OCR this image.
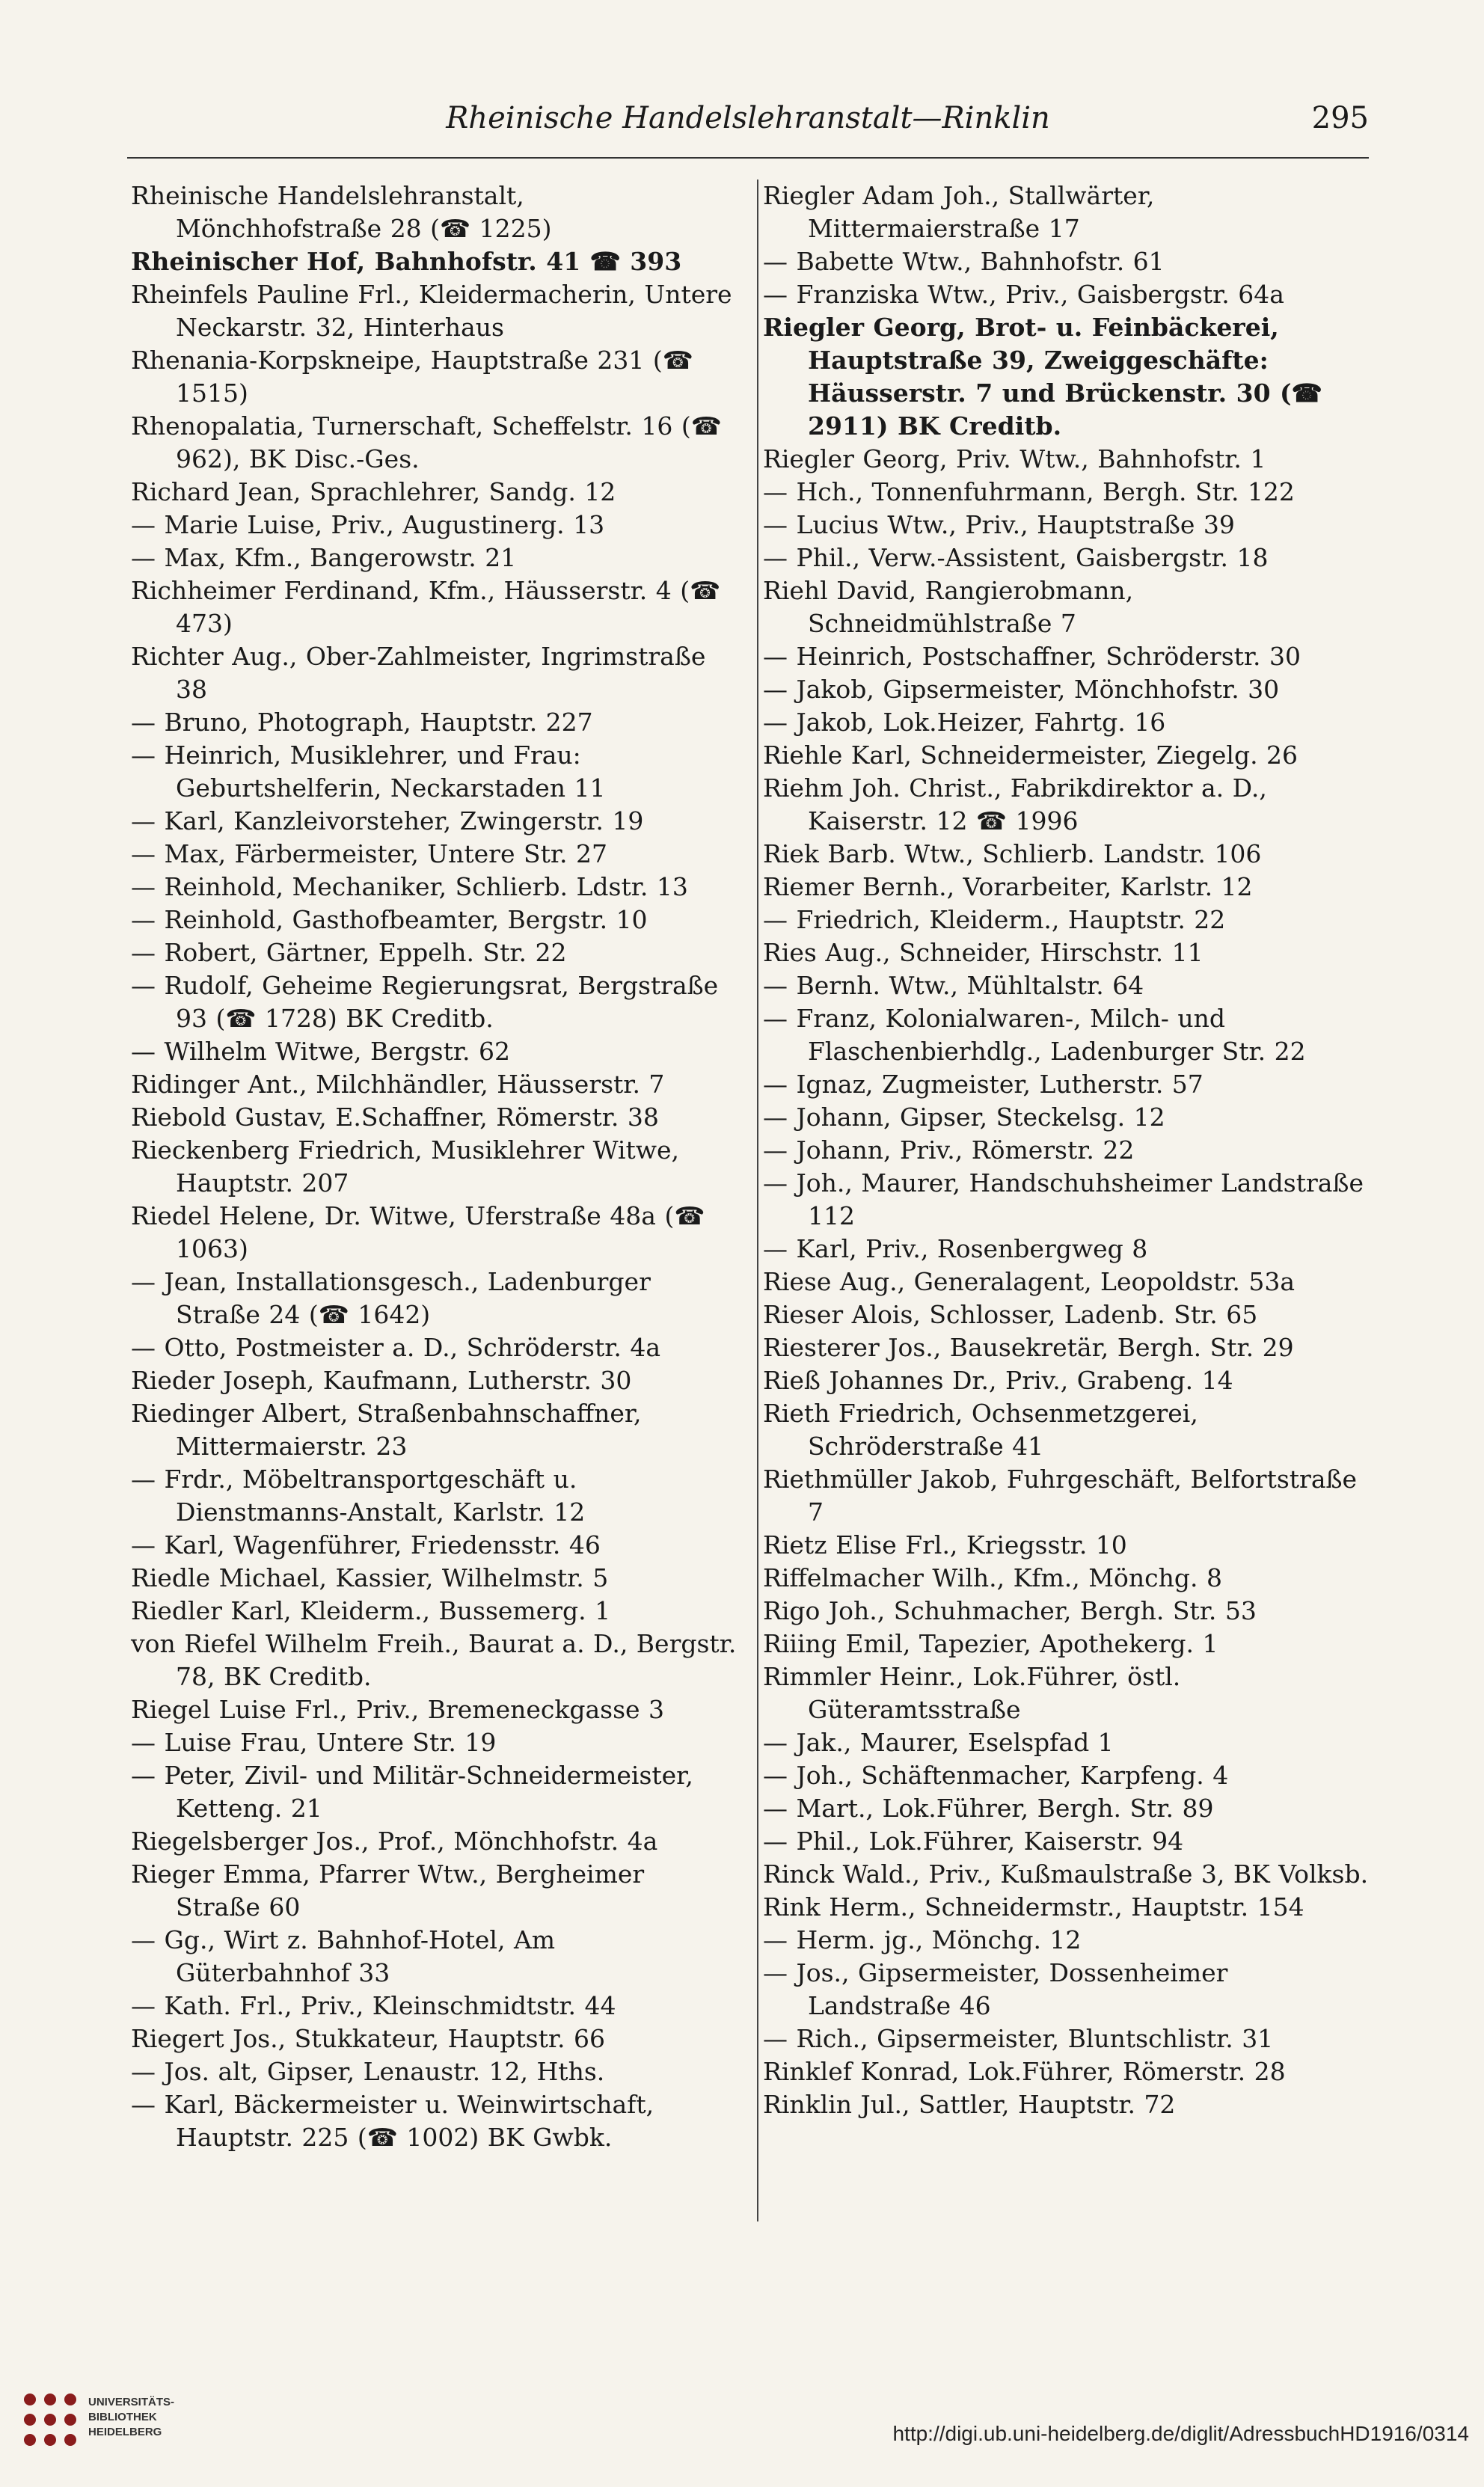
Rheinische Handelslehranstalt—Rinklin	295
Rheinische Handelslehranstalt, Mönchhofstraße 28 (☎ 1225)
Rheinischer Hof, Bahnhofstr. 41 ☎ 393
Rheinfels Pauline Frl., Kleidermacherin, Untere Neckarstr. 32, Hinterhaus
Rhenania-Korpskneipe, Hauptstraße 231 (☎ 1515)
Rhenopalatia, Turnerschaft, Scheffelstr. 16 (☎ 962), BK Disc.-Ges.
Richard Jean, Sprachlehrer, Sandg. 12
— Marie Luise, Priv., Augustinerg. 13
— Max, Kfm., Bangerowstr. 21
Richheimer Ferdinand, Kfm., Häusserstr. 4 (☎ 473)
Richter Aug., Ober-Zahlmeister, Ingrimstraße 38
— Bruno, Photograph, Hauptstr. 227
— Heinrich, Musiklehrer, und Frau: Geburtshelferin, Neckarstaden 11
— Karl, Kanzleivorsteher, Zwingerstr. 19
— Max, Färbermeister, Untere Str. 27
— Reinhold, Mechaniker, Schlierb. Ldstr. 13
— Reinhold, Gasthofbeamter, Bergstr. 10
— Robert, Gärtner, Eppelh. Str. 22
— Rudolf, Geheime Regierungsrat, Bergstraße 93 (☎ 1728) BK Creditb.
— Wilhelm Witwe, Bergstr. 62
Ridinger Ant., Milchhändler, Häusserstr. 7
Riebold Gustav, E.Schaffner, Römerstr. 38
Rieckenberg Friedrich, Musiklehrer Witwe, Hauptstr. 207
Riedel Helene, Dr. Witwe, Uferstraße 48a (☎ 1063)
— Jean, Installationsgesch., Ladenburger Straße 24 (☎ 1642)
— Otto, Postmeister a. D., Schröderstr. 4a
Rieder Joseph, Kaufmann, Lutherstr. 30
Riedinger Albert, Straßenbahnschaffner, Mittermaierstr. 23
— Frdr., Möbeltransportgeschäft u. Dienstmanns-Anstalt, Karlstr. 12
— Karl, Wagenführer, Friedensstr. 46
Riedle Michael, Kassier, Wilhelmstr. 5
Riedler Karl, Kleiderm., Bussemerg. 1
von Riefel Wilhelm Freih., Baurat a. D., Bergstr. 78, BK Creditb.
Riegel Luise Frl., Priv., Bremeneckgasse 3
— Luise Frau, Untere Str. 19
— Peter, Zivil- und Militär-Schneidermeister, Ketteng. 21
Riegelsberger Jos., Prof., Mönchhofstr. 4a
Rieger Emma, Pfarrer Wtw., Bergheimer Straße 60
— Gg., Wirt z. Bahnhof-Hotel, Am Güterbahnhof 33
— Kath. Frl., Priv., Kleinschmidtstr. 44
Riegert Jos., Stukkateur, Hauptstr. 66
— Jos. alt, Gipser, Lenaustr. 12, Hths.
— Karl, Bäckermeister u. Weinwirtschaft, Hauptstr. 225 (☎ 1002) BK Gwbk.
Riegler Adam Joh., Stallwärter, Mittermaierstraße 17
— Babette Wtw., Bahnhofstr. 61
— Franziska Wtw., Priv., Gaisbergstr. 64a
Riegler Georg, Brot- u. Feinbäckerei, Hauptstraße 39, Zweiggeschäfte: Häusserstr. 7 und Brückenstr. 30 (☎ 2911) BK Creditb.
Riegler Georg, Priv. Wtw., Bahnhofstr. 1
— Hch., Tonnenfuhrmann, Bergh. Str. 122
— Lucius Wtw., Priv., Hauptstraße 39
— Phil., Verw.-Assistent, Gaisbergstr. 18
Riehl David, Rangierobmann, Schneidmühlstraße 7
— Heinrich, Postschaffner, Schröderstr. 30
— Jakob, Gipsermeister, Mönchhofstr. 30
— Jakob, Lok.Heizer, Fahrtg. 16
Riehle Karl, Schneidermeister, Ziegelg. 26
Riehm Joh. Christ., Fabrikdirektor a. D., Kaiserstr. 12 ☎ 1996
Riek Barb. Wtw., Schlierb. Landstr. 106
Riemer Bernh., Vorarbeiter, Karlstr. 12
— Friedrich, Kleiderm., Hauptstr. 22
Ries Aug., Schneider, Hirschstr. 11
— Bernh. Wtw., Mühltalstr. 64
— Franz, Kolonialwaren-, Milch- und Flaschenbierhdlg., Ladenburger Str. 22
— Ignaz, Zugmeister, Lutherstr. 57
— Johann, Gipser, Steckelsg. 12
— Johann, Priv., Römerstr. 22
— Joh., Maurer, Handschuhsheimer Landstraße 112
— Karl, Priv., Rosenbergweg 8
Riese Aug., Generalagent, Leopoldstr. 53a
Rieser Alois, Schlosser, Ladenb. Str. 65
Riesterer Jos., Bausekretär, Bergh. Str. 29
Rieß Johannes Dr., Priv., Grabeng. 14
Rieth Friedrich, Ochsenmetzgerei, Schröderstraße 41
Riethmüller Jakob, Fuhrgeschäft, Belfortstraße 7
Rietz Elise Frl., Kriegsstr. 10
Riffelmacher Wilh., Kfm., Mönchg. 8
Rigo Joh., Schuhmacher, Bergh. Str. 53
Riiing Emil, Tapezier, Apothekerg. 1
Rimmler Heinr., Lok.Führer, östl. Güteramtsstraße
— Jak., Maurer, Eselspfad 1
— Joh., Schäftenmacher, Karpfeng. 4
— Mart., Lok.Führer, Bergh. Str. 89
— Phil., Lok.Führer, Kaiserstr. 94
Rinck Wald., Priv., Kußmaulstraße 3, BK Volksb.
Rink Herm., Schneidermstr., Hauptstr. 154
— Herm. jg., Mönchg. 12
— Jos., Gipsermeister, Dossenheimer Landstraße 46
— Rich., Gipsermeister, Bluntschlistr. 31
Rinklef Konrad, Lok.Führer, Römerstr. 28
Rinklin Jul., Sattler, Hauptstr. 72
UNIVERSITÄTS-
BIBLIOTHEK
HEIDELBERG	http://digi.ub.uni-heidelberg.de/diglit/AdressbuchHD1916/0314
